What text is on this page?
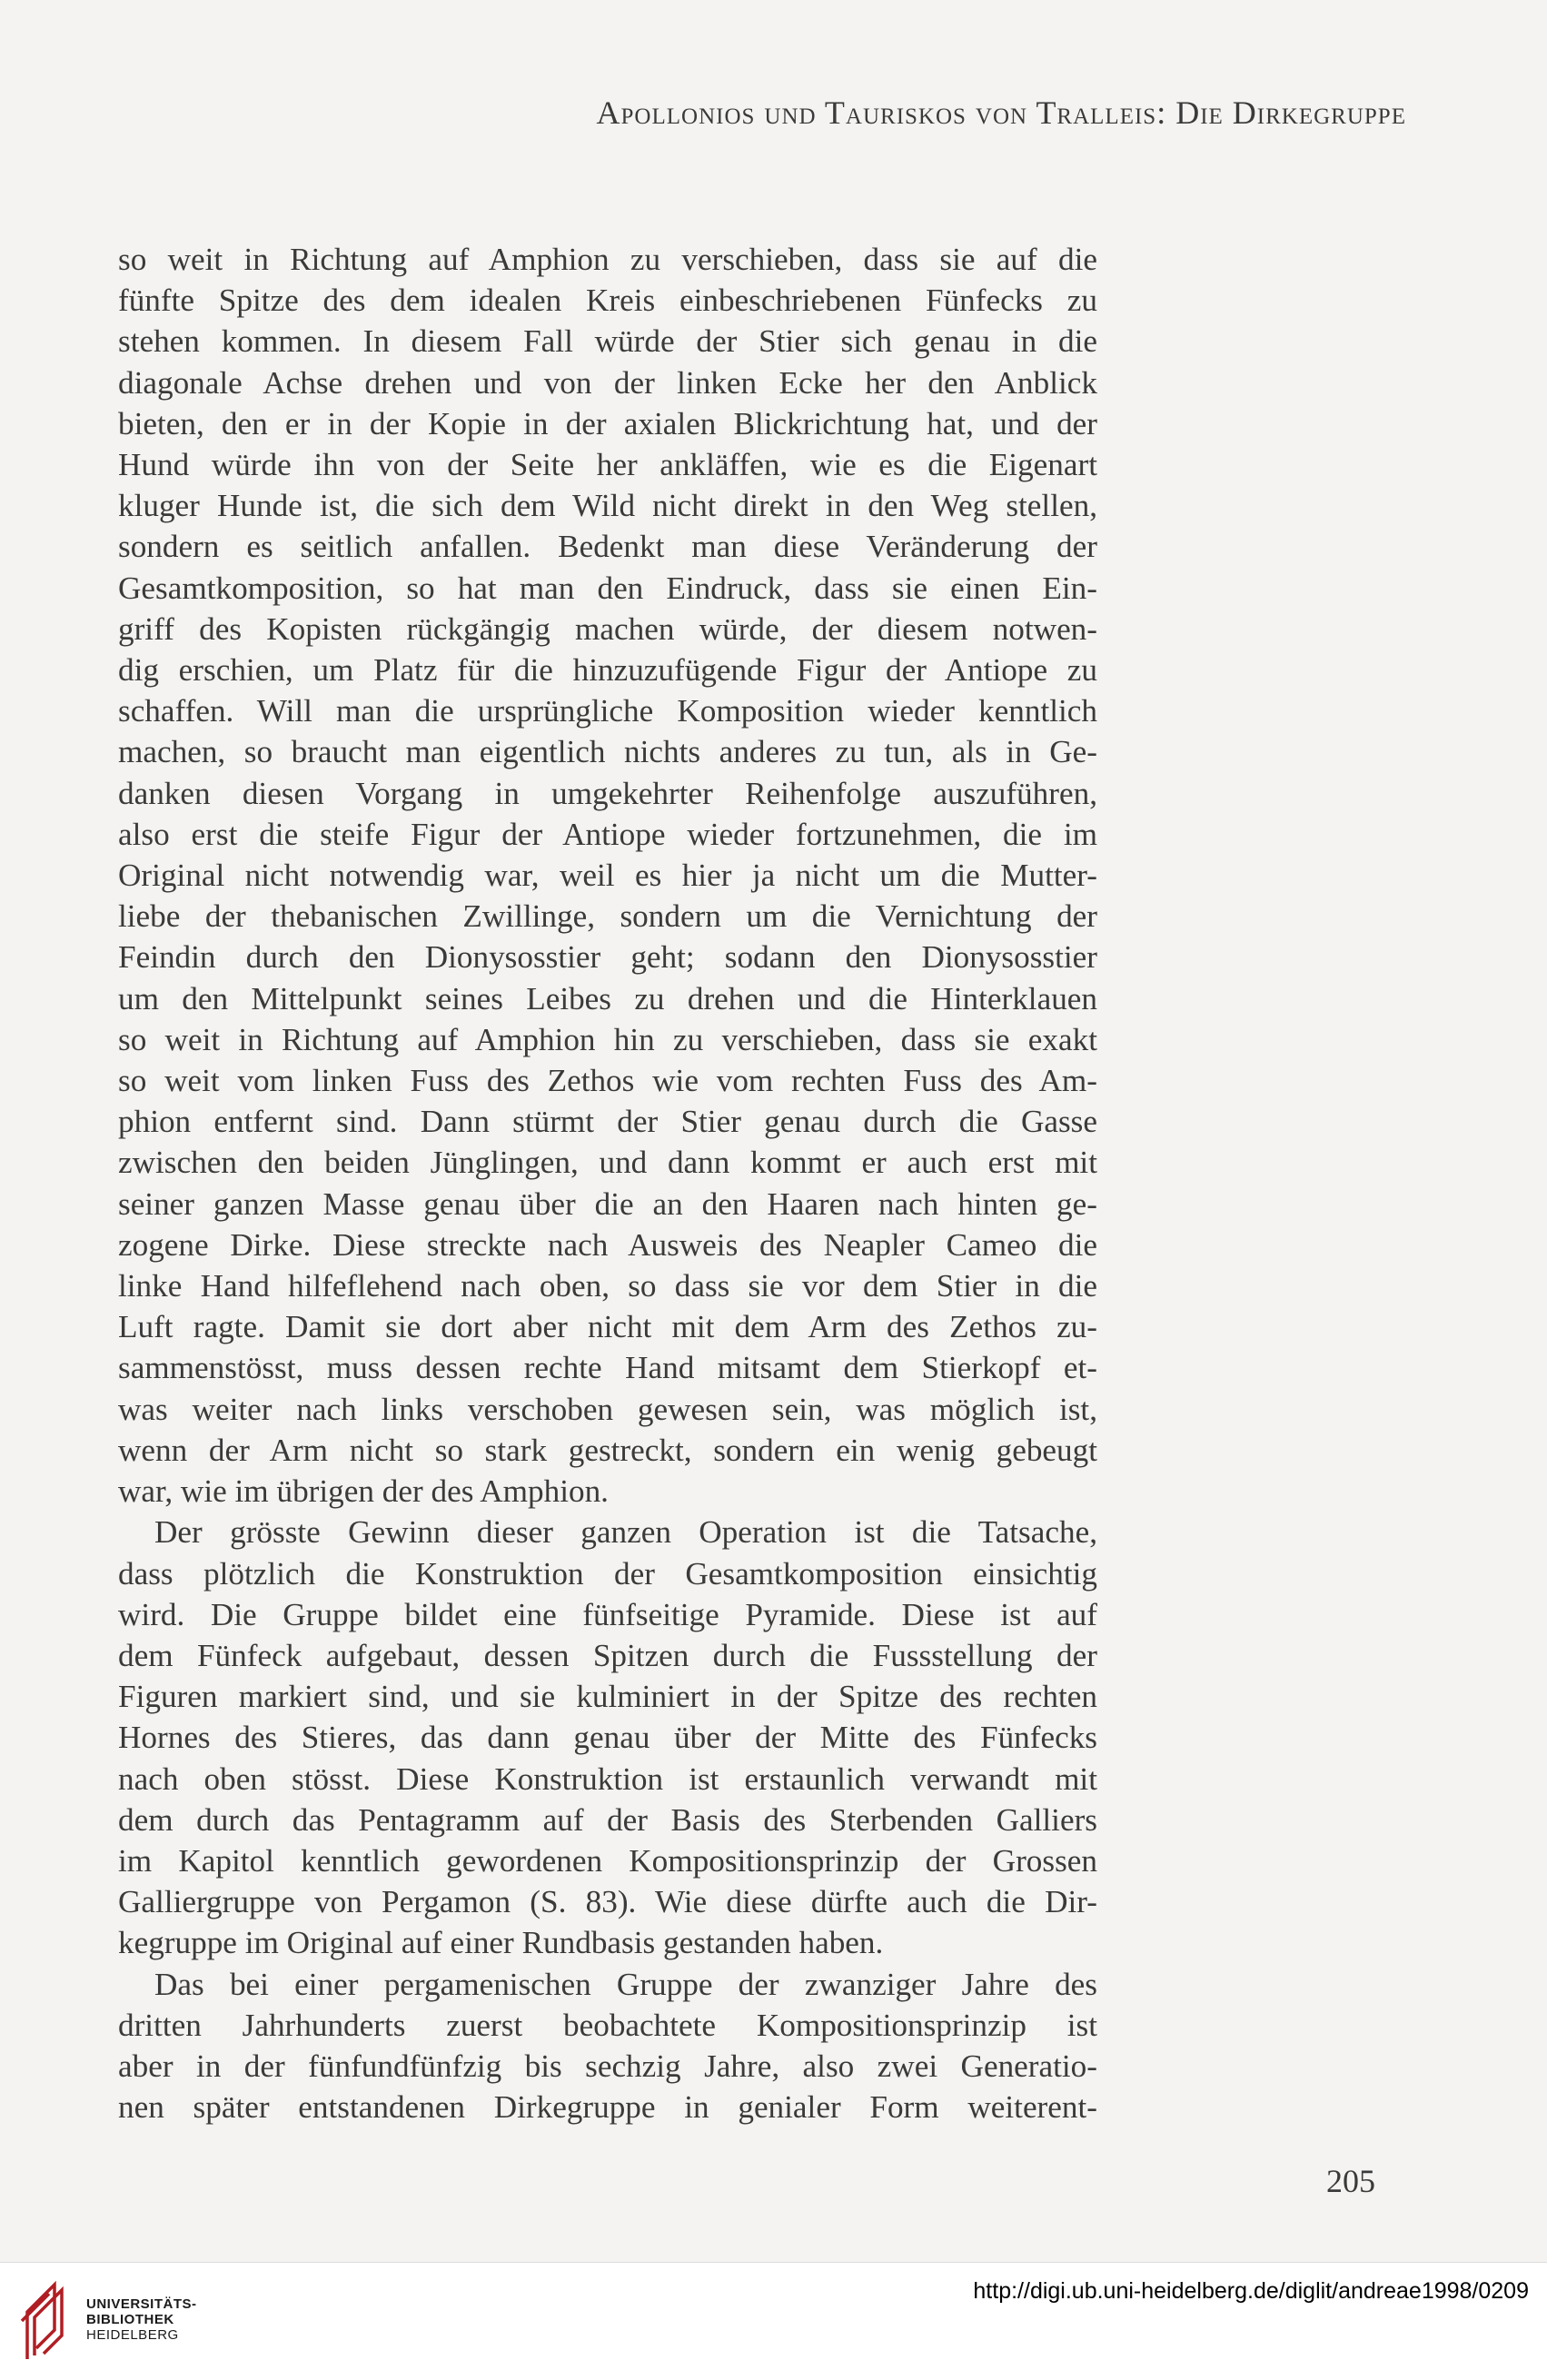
Apollonios und Tauriskos von Tralleis: Die Dirkegruppe
so weit in Richtung auf Amphion zu verschieben, dass sie auf die
fünfte Spitze des dem idealen Kreis einbeschriebenen Fünfecks zu
stehen kommen. In diesem Fall würde der Stier sich genau in die
diagonale Achse drehen und von der linken Ecke her den Anblick
bieten, den er in der Kopie in der axialen Blickrichtung hat, und der
Hund würde ihn von der Seite her ankläffen, wie es die Eigenart
kluger Hunde ist, die sich dem Wild nicht direkt in den Weg stellen,
sondern es seitlich anfallen. Bedenkt man diese Veränderung der
Gesamtkomposition, so hat man den Eindruck, dass sie einen Ein-
griff des Kopisten rückgängig machen würde, der diesem notwen-
dig erschien, um Platz für die hinzuzufügende Figur der Antiope zu
schaffen. Will man die ursprüngliche Komposition wieder kenntlich
machen, so braucht man eigentlich nichts anderes zu tun, als in Ge-
danken diesen Vorgang in umgekehrter Reihenfolge auszuführen,
also erst die steife Figur der Antiope wieder fortzunehmen, die im
Original nicht notwendig war, weil es hier ja nicht um die Mutter-
liebe der thebanischen Zwillinge, sondern um die Vernichtung der
Feindin durch den Dionysosstier geht; sodann den Dionysosstier
um den Mittelpunkt seines Leibes zu drehen und die Hinterklauen
so weit in Richtung auf Amphion hin zu verschieben, dass sie exakt
so weit vom linken Fuss des Zethos wie vom rechten Fuss des Am-
phion entfernt sind. Dann stürmt der Stier genau durch die Gasse
zwischen den beiden Jünglingen, und dann kommt er auch erst mit
seiner ganzen Masse genau über die an den Haaren nach hinten ge-
zogene Dirke. Diese streckte nach Ausweis des Neapler Cameo die
linke Hand hilfeflehend nach oben, so dass sie vor dem Stier in die
Luft ragte. Damit sie dort aber nicht mit dem Arm des Zethos zu-
sammenstösst, muss dessen rechte Hand mitsamt dem Stierkopf et-
was weiter nach links verschoben gewesen sein, was möglich ist,
wenn der Arm nicht so stark gestreckt, sondern ein wenig gebeugt
war, wie im übrigen der des Amphion.
Der grösste Gewinn dieser ganzen Operation ist die Tatsache,
dass plötzlich die Konstruktion der Gesamtkomposition einsichtig
wird. Die Gruppe bildet eine fünfseitige Pyramide. Diese ist auf
dem Fünfeck aufgebaut, dessen Spitzen durch die Fussstellung der
Figuren markiert sind, und sie kulminiert in der Spitze des rechten
Hornes des Stieres, das dann genau über der Mitte des Fünfecks
nach oben stösst. Diese Konstruktion ist erstaunlich verwandt mit
dem durch das Pentagramm auf der Basis des Sterbenden Galliers
im Kapitol kenntlich gewordenen Kompositionsprinzip der Grossen
Galliergruppe von Pergamon (S. 83). Wie diese dürfte auch die Dir-
kegruppe im Original auf einer Rundbasis gestanden haben.
Das bei einer pergamenischen Gruppe der zwanziger Jahre des
dritten Jahrhunderts zuerst beobachtete Kompositionsprinzip ist
aber in der fünfundfünfzig bis sechzig Jahre, also zwei Generatio-
nen später entstandenen Dirkegruppe in genialer Form weiterent-
205
UNIVERSITÄTS-
BIBLIOTHEK
HEIDELBERG
http://digi.ub.uni-heidelberg.de/diglit/andreae1998/0209
